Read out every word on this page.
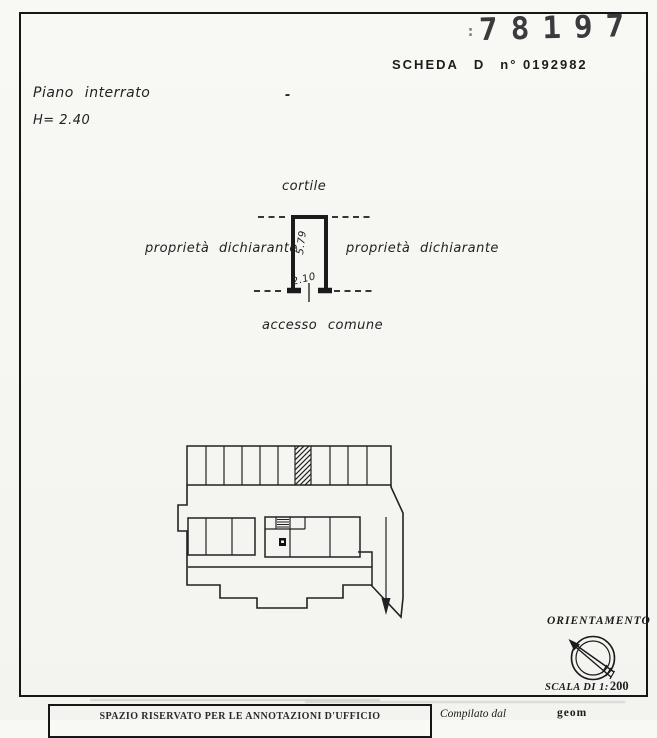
: 78197
SCHEDA D n° 0192982
Piano interrato	-
H= 2.40
cortile
proprietà dichiarante	proprietà dichiarante
accesso comune
5.79
2.10
ORIENTAMENTO
SCALA DI 1: 200
SPAZIO RISERVATO PER LE ANNOTAZIONI D'UFFICIO	Compilato dal	geom
